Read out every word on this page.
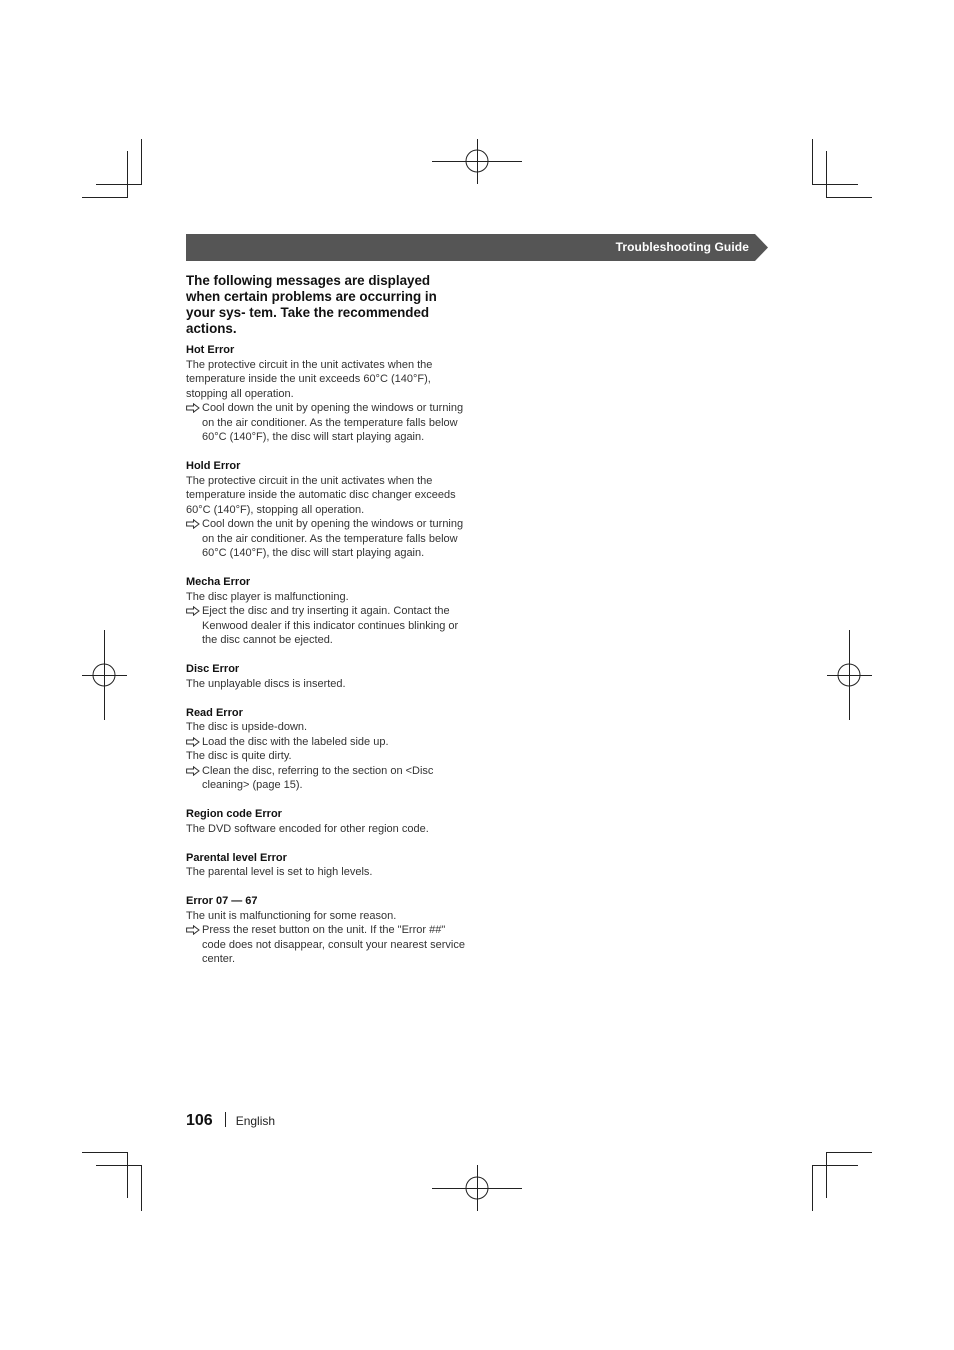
Troubleshooting Guide
The following messages are displayed when certain problems are occurring in your sys- tem. Take the recommended actions.
Hot Error
The protective circuit in the unit activates when the temperature inside the unit exceeds 60°C (140°F), stopping all operation.
Cool down the unit by opening the windows or turning on the air conditioner. As the temperature falls below 60°C (140°F), the disc will start playing again.
Hold Error
The protective circuit in the unit activates when the temperature inside the automatic disc changer exceeds 60°C (140°F), stopping all operation.
Cool down the unit by opening the windows or turning on the air conditioner. As the temperature falls below 60°C (140°F), the disc will start playing again.
Mecha Error
The disc player is malfunctioning.
Eject the disc and try inserting it again. Contact the Kenwood dealer if this indicator continues blinking or the disc cannot be ejected.
Disc Error
The unplayable discs is inserted.
Read Error
The disc is upside-down.
Load the disc with the labeled side up.
The disc is quite dirty.
Clean the disc, referring to the section on <Disc cleaning> (page 15).
Region code Error
The DVD software encoded for other region code.
Parental level Error
The parental level is set to high levels.
Error 07 — 67
The unit is malfunctioning for some reason.
Press the reset button on the unit. If the "Error ##" code does not disappear, consult your nearest service center.
106 English
